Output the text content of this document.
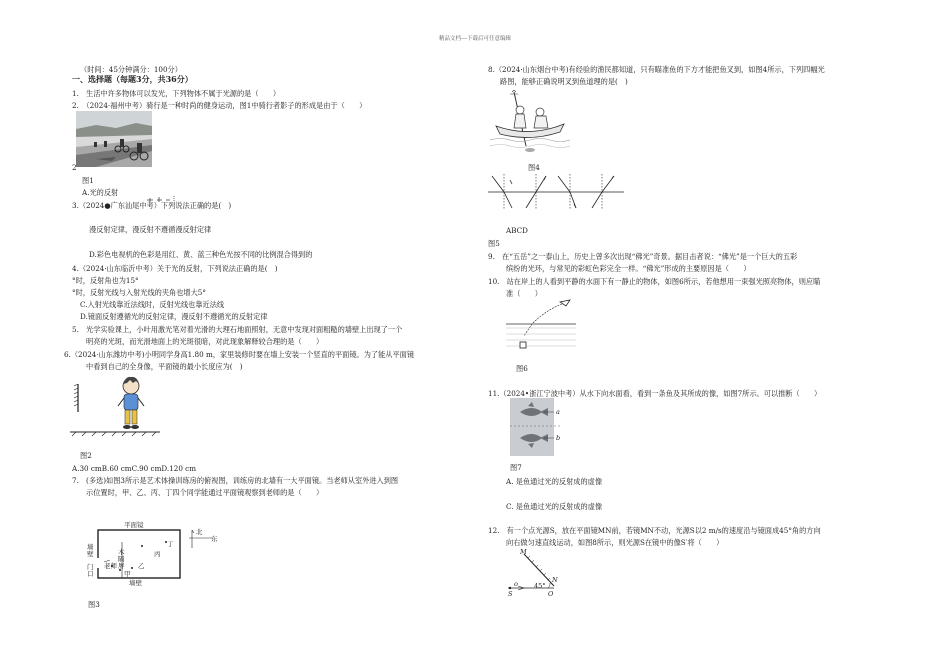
精品文档---下载后可任意编辑
（时间：45分钟满分：100分）
一、选择题（每题3分，共36分）
1.　生活中许多物体可以发光，下列物体不属于光源的是（　　）
2.　（2024·福州中考）骑行是一种时尚的健身运动，图1中骑行者影子的形成是由于（　　）
2
图1
A.光的反射
3.（2024●广东汕尾中考）下列说法正确的是(　)
漫反射定律，漫反射不遵循漫反射定律
D.彩色电视机的色彩是用红、黄、蓝三种色光按不同的比例混合得到的
4.（2024·山东临沂中考）关于光的反射，下列说法正确的是(　)
°时，反射角也为15°
°时，反射光线与入射光线的夹角也增大5°
C.入射光线靠近法线时，反射光线也靠近法线
D.镜面反射遵循光的反射定律，漫反射不遵循光的反射定律
5.　光学实验课上，小叶用激光笔对着光滑的大理石地面照射，无意中发现对面粗糙的墙壁上出现了一个
明亮的光斑，而光滑地面上的光斑很暗，对此现象解释较合理的是（　　）
6.（2024·山东潍坊中考)小明同学身高1.80 m，家里装修时要在墙上安装一个竖直的平面镜。为了能从平面镜
中看到自己的全身像，平面镜的最小长度应为(　)
图2
A.30 cmB.60 cmC.90 cmD.120 cm
7.　(多选)如图3所示是艺术体操训练房的俯视图，训练房的北墙有一大平面镜。当老师从室外进入到图
示位置时，甲、乙、丙、丁四个同学能通过平面镜观察到老师的是（　　）
平面镜
北
东
墙壁
门口
老师
墙壁
丁
丙
乙
甲
木
隔
屏
图3
8.（2024·山东烟台中考)有经验的渔民都知道，只有瞄准鱼的下方才能把鱼叉到，如图4所示，下列四幅光
路图，能够正确说明叉到鱼道理的是(　)
图4
ABCD
图5
9.　在“五岳”之一泰山上，历史上曾多次出现“佛光”奇景。据目击者说：“佛光”是一个巨大的五彩
缤纷的光环，与常见的彩虹色彩完全一样。“佛光”形成的主要原因是（　　）
10.　站在岸上的人看到平静的水面下有一静止的物体，如图6所示，若他想用一束强光照亮物体，则应瞄
准（　　）
图6
11.（2024•浙江宁波中考）从水下向水面看，看到一条鱼及其所成的像，如图7所示。可以推断（　　）
a
b
图7
A. 是鱼通过光的反射成的虚像
C. 是鱼通过光的反射成的虚像
12.　有一个点光源S，放在平面镜MN前，若镜MN不动，光源S以2 m/s的速度沿与镜面成45°角的方向
向右做匀速直线运动，如图8所示，则光源S在镜中的像S′将（　　）
M
N
S	O
o 45°
